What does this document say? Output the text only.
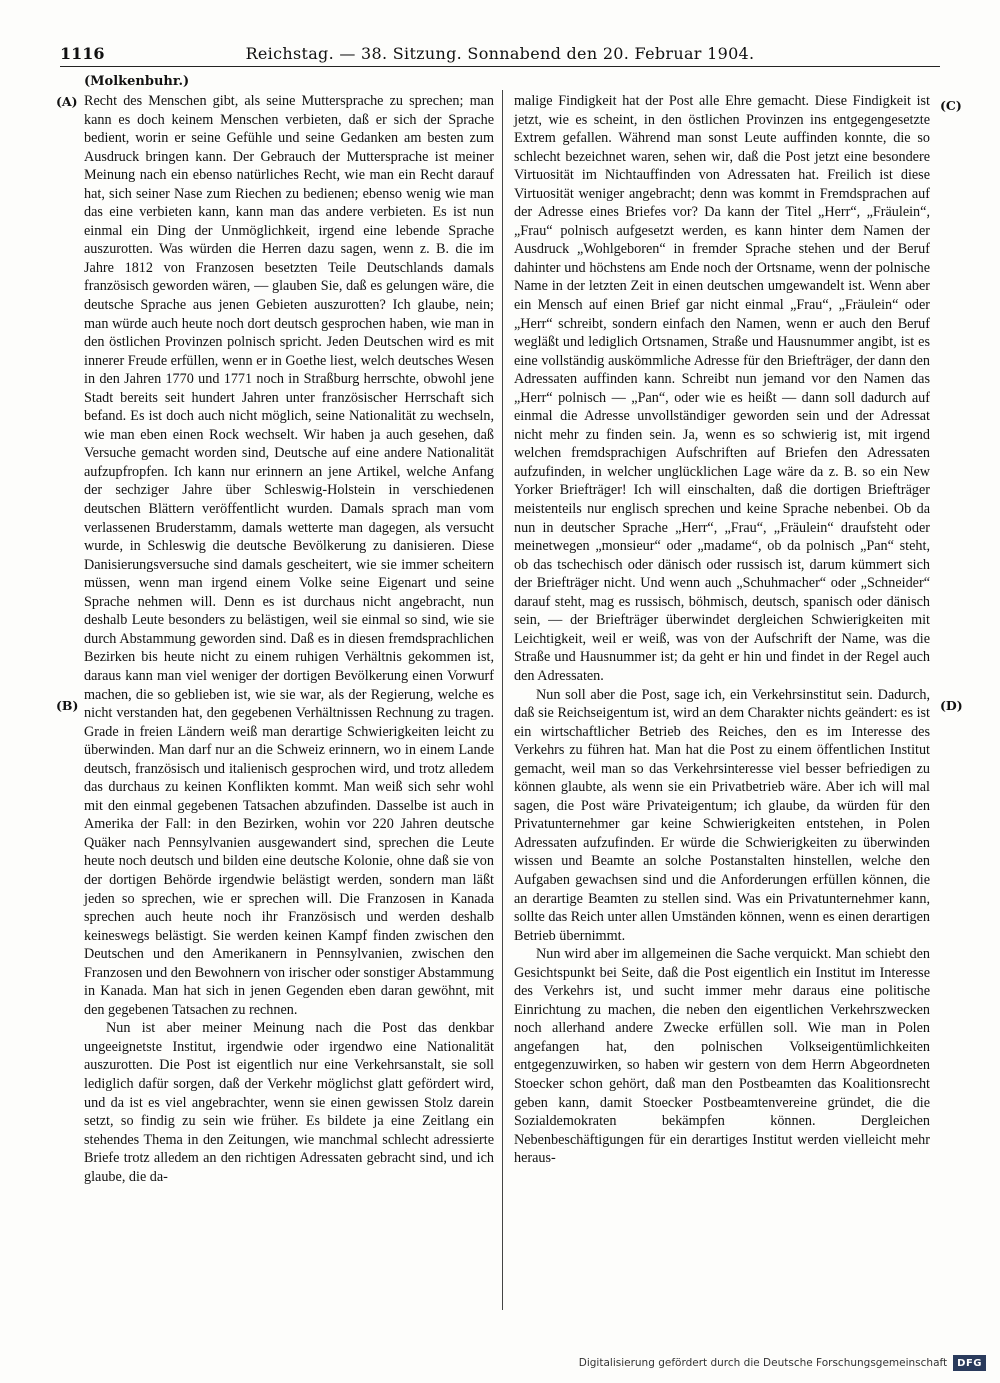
1116	Reichstag. — 38. Sitzung. Sonnabend den 20. Februar 1904.
(Molkenbuhr.)
(A)
(B)
(C)
(D)

Recht des Menschen gibt, als seine Muttersprache zu sprechen; man kann es doch keinem Menschen verbieten, daß er sich der Sprache bedient, worin er seine Gefühle und seine Gedanken am besten zum Ausdruck bringen kann. Der Gebrauch der Muttersprache ist meiner Meinung nach ein ebenso natürliches Recht, wie man ein Recht darauf hat, sich seiner Nase zum Riechen zu bedienen; ebenso wenig wie man das eine verbieten kann, kann man das andere verbieten. Es ist nun einmal ein Ding der Unmöglichkeit, irgend eine lebende Sprache auszurotten. Was würden die Herren dazu sagen, wenn z. B. die im Jahre 1812 von Franzosen besetzten Teile Deutschlands damals französisch geworden wären, — glauben Sie, daß es gelungen wäre, die deutsche Sprache aus jenen Gebieten auszurotten? Ich glaube, nein; man würde auch heute noch dort deutsch gesprochen haben, wie man in den östlichen Provinzen polnisch spricht. Jeden Deutschen wird es mit innerer Freude erfüllen, wenn er in Goethe liest, welch deutsches Wesen in den Jahren 1770 und 1771 noch in Straßburg herrschte, obwohl jene Stadt bereits seit hundert Jahren unter französischer Herrschaft sich befand. Es ist doch auch nicht möglich, seine Nationalität zu wechseln, wie man eben einen Rock wechselt. Wir haben ja auch gesehen, daß Versuche gemacht worden sind, Deutsche auf eine andere Nationalität aufzupfropfen. Ich kann nur erinnern an jene Artikel, welche Anfang der sechziger Jahre über Schleswig-Holstein in verschiedenen deutschen Blättern veröffentlicht wurden. Damals sprach man vom verlassenen Bruderstamm, damals wetterte man dagegen, als versucht wurde, in Schleswig die deutsche Bevölkerung zu danisieren. Diese Danisierungsversuche sind damals gescheitert, wie sie immer scheitern müssen, wenn man irgend einem Volke seine Eigenart und seine Sprache nehmen will. Denn es ist durchaus nicht angebracht, nun deshalb Leute besonders zu belästigen, weil sie einmal so sind, wie sie durch Abstammung geworden sind. Daß es in diesen fremdsprachlichen Bezirken bis heute nicht zu einem ruhigen Verhältnis gekommen ist, daraus kann man viel weniger der dortigen Bevölkerung einen Vorwurf machen, die so geblieben ist, wie sie war, als der Regierung, welche es nicht verstanden hat, den gegebenen Verhältnissen Rechnung zu tragen. Grade in freien Ländern weiß man derartige Schwierigkeiten leicht zu überwinden. Man darf nur an die Schweiz erinnern, wo in einem Lande deutsch, französisch und italienisch gesprochen wird, und trotz alledem das durchaus zu keinen Konflikten kommt. Man weiß sich sehr wohl mit den einmal gegebenen Tatsachen abzufinden. Dasselbe ist auch in Amerika der Fall: in den Bezirken, wohin vor 220 Jahren deutsche Quäker nach Pennsylvanien ausgewandert sind, sprechen die Leute heute noch deutsch und bilden eine deutsche Kolonie, ohne daß sie von der dortigen Behörde irgendwie belästigt werden, sondern man läßt jeden so sprechen, wie er sprechen will. Die Franzosen in Kanada sprechen auch heute noch ihr Französisch und werden deshalb keineswegs belästigt. Sie werden keinen Kampf finden zwischen den Deutschen und den Amerikanern in Pennsylvanien, zwischen den Franzosen und den Bewohnern von irischer oder sonstiger Abstammung in Kanada. Man hat sich in jenen Gegenden eben daran gewöhnt, mit den gegebenen Tatsachen zu rechnen.

Nun ist aber meiner Meinung nach die Post das denkbar ungeeignetste Institut, irgendwie oder irgendwo eine Nationalität auszurotten. Die Post ist eigentlich nur eine Verkehrsanstalt, sie soll lediglich dafür sorgen, daß der Verkehr möglichst glatt gefördert wird, und da ist es viel angebrachter, wenn sie einen gewissen Stolz darein setzt, so findig zu sein wie früher. Es bildete ja eine Zeitlang ein stehendes Thema in den Zeitungen, wie manchmal schlecht adressierte Briefe trotz alledem an den richtigen Adressaten gebracht sind, und ich glaube, die da-

malige Findigkeit hat der Post alle Ehre gemacht. Diese Findigkeit ist jetzt, wie es scheint, in den östlichen Provinzen ins entgegengesetzte Extrem gefallen. Während man sonst Leute auffinden konnte, die so schlecht bezeichnet waren, sehen wir, daß die Post jetzt eine besondere Virtuosität im Nichtauffinden von Adressaten hat. Freilich ist diese Virtuosität weniger angebracht; denn was kommt in Fremdsprachen auf der Adresse eines Briefes vor? Da kann der Titel „Herr“, „Fräulein“, „Frau“ polnisch aufgesetzt werden, es kann hinter dem Namen der Ausdruck „Wohlgeboren“ in fremder Sprache stehen und der Beruf dahinter und höchstens am Ende noch der Ortsname, wenn der polnische Name in der letzten Zeit in einen deutschen umgewandelt ist. Wenn aber ein Mensch auf einen Brief gar nicht einmal „Frau“, „Fräulein“ oder „Herr“ schreibt, sondern einfach den Namen, wenn er auch den Beruf wegläßt und lediglich Ortsnamen, Straße und Hausnummer angibt, ist es eine vollständig auskömmliche Adresse für den Briefträger, der dann den Adressaten auffinden kann. Schreibt nun jemand vor den Namen das „Herr“ polnisch — „Pan“, oder wie es heißt — dann soll dadurch auf einmal die Adresse unvollständiger geworden sein und der Adressat nicht mehr zu finden sein. Ja, wenn es so schwierig ist, mit irgend welchen fremdsprachigen Aufschriften auf Briefen den Adressaten aufzufinden, in welcher unglücklichen Lage wäre da z. B. so ein New Yorker Briefträger! Ich will einschalten, daß die dortigen Briefträger meistenteils nur englisch sprechen und keine Sprache nebenbei. Ob da nun in deutscher Sprache „Herr“, „Frau“, „Fräulein“ draufsteht oder meinetwegen „monsieur“ oder „madame“, ob da polnisch „Pan“ steht, ob das tschechisch oder dänisch oder russisch ist, darum kümmert sich der Briefträger nicht. Und wenn auch „Schuhmacher“ oder „Schneider“ darauf steht, mag es russisch, böhmisch, deutsch, spanisch oder dänisch sein, — der Briefträger überwindet dergleichen Schwierigkeiten mit Leichtigkeit, weil er weiß, was von der Aufschrift der Name, was die Straße und Hausnummer ist; da geht er hin und findet in der Regel auch den Adressaten.

Nun soll aber die Post, sage ich, ein Verkehrsinstitut sein. Dadurch, daß sie Reichseigentum ist, wird an dem Charakter nichts geändert: es ist ein wirtschaftlicher Betrieb des Reiches, den es im Interesse des Verkehrs zu führen hat. Man hat die Post zu einem öffentlichen Institut gemacht, weil man so das Verkehrsinteresse viel besser befriedigen zu können glaubte, als wenn sie ein Privatbetrieb wäre. Aber ich will mal sagen, die Post wäre Privateigentum; ich glaube, da würden für den Privatunternehmer gar keine Schwierigkeiten entstehen, in Polen Adressaten aufzufinden. Er würde die Schwierigkeiten zu überwinden wissen und Beamte an solche Postanstalten hinstellen, welche den Aufgaben gewachsen sind und die Anforderungen erfüllen können, die an derartige Beamten zu stellen sind. Was ein Privatunternehmer kann, sollte das Reich unter allen Umständen können, wenn es einen derartigen Betrieb übernimmt.

Nun wird aber im allgemeinen die Sache verquickt. Man schiebt den Gesichtspunkt bei Seite, daß die Post eigentlich ein Institut im Interesse des Verkehrs ist, und sucht immer mehr daraus eine politische Einrichtung zu machen, die neben den eigentlichen Verkehrszwecken noch allerhand andere Zwecke erfüllen soll. Wie man in Polen angefangen hat, den polnischen Volkseigentümlichkeiten entgegenzuwirken, so haben wir gestern von dem Herrn Abgeordneten Stoecker schon gehört, daß man den Postbeamten das Koalitionsrecht geben kann, damit Stoecker Postbeamtenvereine gründet, die die Sozialdemokraten bekämpfen können. Dergleichen Nebenbeschäftigungen für ein derartiges Institut werden vielleicht mehr heraus-

Digitalisierung gefördert durch die Deutsche Forschungsgemeinschaft	DFG
